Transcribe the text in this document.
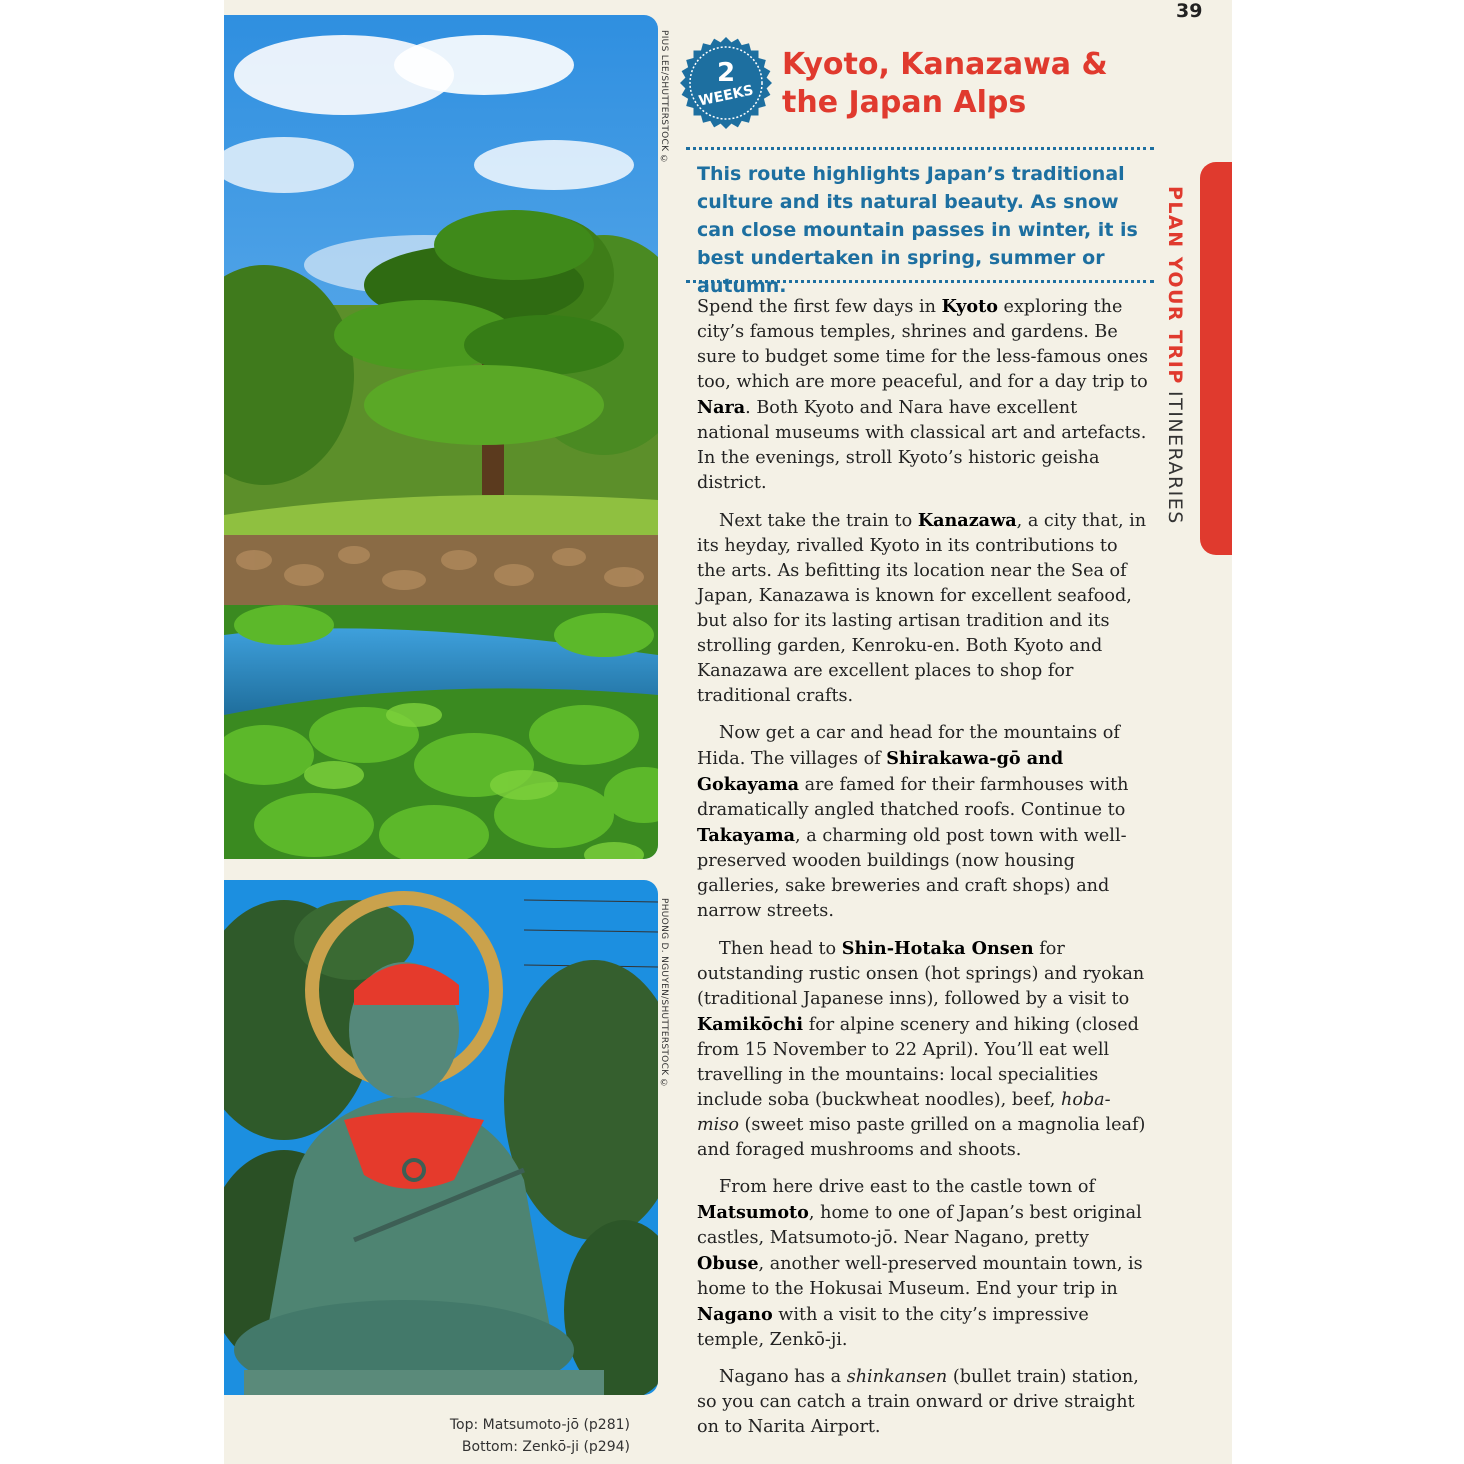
39
PIUS LEE/SHUTTERSTOCK ©
PHUONG D. NGUYEN/SHUTTERSTOCK ©
Top: Matsumoto-jō (p281)
Bottom: Zenkō-ji (p294)
2
WEEKS
Kyoto, Kanazawa &
the Japan Alps
This route highlights Japan’s traditional culture and its natural beauty. As snow can close mountain passes in winter, it is best undertaken in spring, summer or autumn.

Spend the first few days in Kyoto exploring the city’s famous temples, shrines and gardens. Be sure to budget some time for the less-famous ones too, which are more peaceful, and for a day trip to Nara. Both Kyoto and Nara have excellent national museums with classical art and artefacts. In the evenings, stroll Kyoto’s historic geisha district.

Next take the train to Kanazawa, a city that, in its heyday, rivalled Kyoto in its contributions to the arts. As befitting its location near the Sea of Japan, Kanazawa is known for excellent seafood, but also for its lasting artisan tradition and its strolling garden, Kenroku-en. Both Kyoto and Kanazawa are excellent places to shop for traditional crafts.

Now get a car and head for the mountains of Hida. The villages of Shirakawa-gō and Gokayama are famed for their farmhouses with dramatically angled thatched roofs. Continue to Takayama, a charming old post town with well-preserved wooden buildings (now housing galleries, sake breweries and craft shops) and narrow streets.

Then head to Shin-Hotaka Onsen for outstanding rustic onsen (hot springs) and ryokan (traditional Japanese inns), followed by a visit to Kamikōchi for alpine scenery and hiking (closed from 15 November to 22 April). You’ll eat well travelling in the mountains: local specialities include soba (buckwheat noodles), beef, hoba-miso (sweet miso paste grilled on a magnolia leaf) and foraged mushrooms and shoots.

From here drive east to the castle town of Matsumoto, home to one of Japan’s best original castles, Matsumoto-jō. Near Nagano, pretty Obuse, another well-preserved mountain town, is home to the Hokusai Museum. End your trip in Nagano with a visit to the city’s impressive temple, Zenkō-ji.

Nagano has a shinkansen (bullet train) station, so you can catch a train onward or drive straight on to Narita Airport.

PLAN YOUR TRIPITINERARIES
